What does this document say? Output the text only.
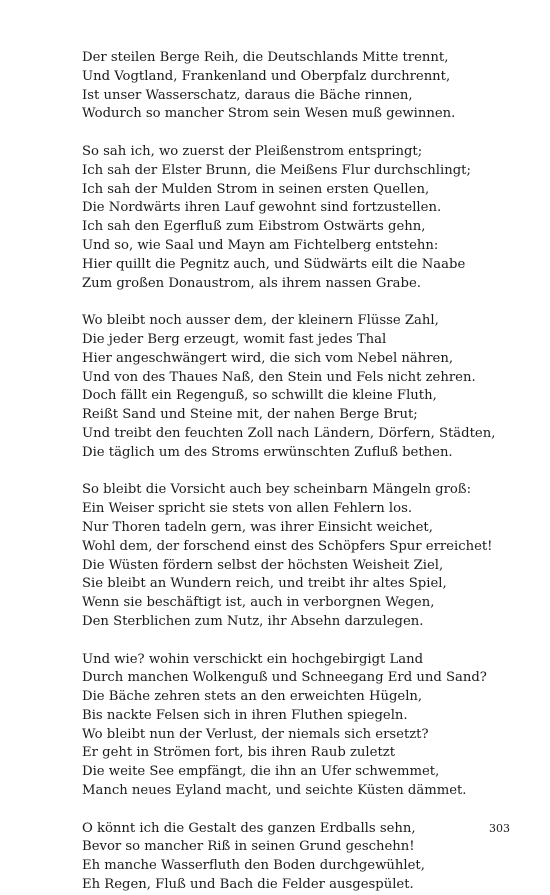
Der steilen Berge Reih, die Deutschlands Mitte trennt,
Und Vogtland, Frankenland und Oberpfalz durchrennt,
Ist unser Wasserschatz, daraus die Bäche rinnen,
Wodurch so mancher Strom sein Wesen muß gewinnen.
So sah ich, wo zuerst der Pleißenstrom entspringt;
Ich sah der Elster Brunn, die Meißens Flur durchschlingt;
Ich sah der Mulden Strom in seinen ersten Quellen,
Die Nordwärts ihren Lauf gewohnt sind fortzustellen.
Ich sah den Egerfluß zum Eibstrom Ostwärts gehn,
Und so, wie Saal und Mayn am Fichtelberg entstehn:
Hier quillt die Pegnitz auch, und Südwärts eilt die Naabe
Zum großen Donaustrom, als ihrem nassen Grabe.
Wo bleibt noch ausser dem, der kleinern Flüsse Zahl,
Die jeder Berg erzeugt, womit fast jedes Thal
Hier angeschwängert wird, die sich vom Nebel nähren,
Und von des Thaues Naß, den Stein und Fels nicht zehren.
Doch fällt ein Regenguß, so schwillt die kleine Fluth,
Reißt Sand und Steine mit, der nahen Berge Brut;
Und treibt den feuchten Zoll nach Ländern, Dörfern, Städten,
Die täglich um des Stroms erwünschten Zufluß bethen.
So bleibt die Vorsicht auch bey scheinbarn Mängeln groß:
Ein Weiser spricht sie stets von allen Fehlern los.
Nur Thoren tadeln gern, was ihrer Einsicht weichet,
Wohl dem, der forschend einst des Schöpfers Spur erreichet!
Die Wüsten fördern selbst der höchsten Weisheit Ziel,
Sie bleibt an Wundern reich, und treibt ihr altes Spiel,
Wenn sie beschäftigt ist, auch in verborgnen Wegen,
Den Sterblichen zum Nutz, ihr Absehn darzulegen.
Und wie? wohin verschickt ein hochgebirgigt Land
Durch manchen Wolkenguß und Schneegang Erd und Sand?
Die Bäche zehren stets an den erweichten Hügeln,
Bis nackte Felsen sich in ihren Fluthen spiegeln.
Wo bleibt nun der Verlust, der niemals sich ersetzt?
Er geht in Strömen fort, bis ihren Raub zuletzt
Die weite See empfängt, die ihn an Ufer schwemmet,
Manch neues Eyland macht, und seichte Küsten dämmet.
O könnt ich die Gestalt des ganzen Erdballs sehn,
Bevor so mancher Riß in seinen Grund geschehn!
Eh manche Wasserfluth den Boden durchgewühlet,
Eh Regen, Fluß und Bach die Felder ausgespület.
303
